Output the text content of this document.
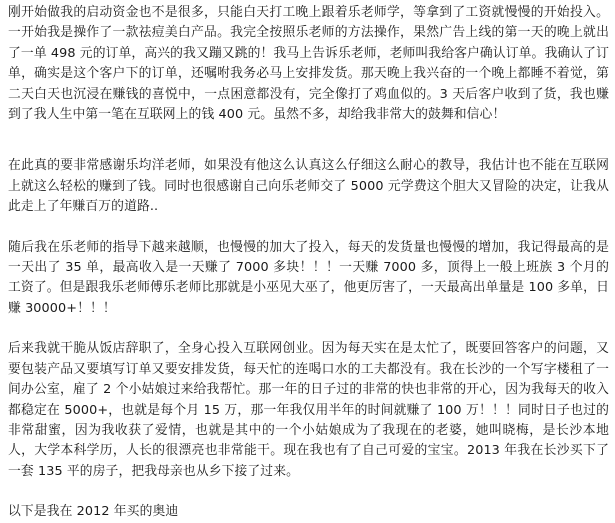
刚开始做我的启动资金也不是很多，只能白天打工晚上跟着乐老师学，等拿到了工资就慢慢的开始投入。一开始我是操作了一款祛痘美白产品。我完全按照乐老师的方法操作，果然广告上线的第一天的晚上就出了一单 498 元的订单，高兴的我又蹦又跳的！我马上告诉乐老师，老师叫我给客户确认订单。我确认了订单，确实是这个客户下的订单，还嘱咐我务必马上安排发货。那天晚上我兴奋的一个晚上都睡不着觉，第二天白天也沉浸在赚钱的喜悦中，一点困意都没有，完全像打了鸡血似的。3 天后客户收到了货，我也赚到了我人生中第一笔在互联网上的钱 400 元。虽然不多，却给我非常大的鼓舞和信心！

在此真的要非常感谢乐均洋老师，如果没有他这么认真这么仔细这么耐心的教导，我估计也不能在互联网上就这么轻松的赚到了钱。同时也很感谢自己向乐老师交了 5000 元学费这个胆大又冒险的决定，让我从此走上了年赚百万的道路..

随后我在乐老师的指导下越来越顺，也慢慢的加大了投入，每天的发货量也慢慢的增加，我记得最高的是一天出了 35 单，最高收入是一天赚了 7000 多块！！！一天赚 7000 多，顶得上一般上班族 3 个月的工资了。但是跟我乐老师傅乐老师比那就是小巫见大巫了，他更厉害了，一天最高出单量是 100 多单，日赚 30000+！！！

后来我就干脆从饭店辞职了，全身心投入互联网创业。因为每天实在是太忙了，既要回答客户的问题，又要包装产品又要填写订单又要安排发货，每天忙的连喝口水的工夫都没有。我在长沙的一个写字楼租了一间办公室，雇了 2 个小姑娘过来给我帮忙。那一年的日子过的非常的快也非常的开心，因为我每天的收入都稳定在 5000+，也就是每个月 15 万，那一年我仅用半年的时间就赚了 100 万！！！同时日子也过的非常甜蜜，因为我收获了爱情，也就是其中的一个小姑娘成为了我现在的老婆，她叫晓梅，是长沙本地人，大学本科学历，人长的很漂亮也非常能干。现在我也有了自己可爱的宝宝。2013 年我在长沙买下了一套 135 平的房子，把我母亲也从乡下接了过来。

以下是我在 2012 年买的奥迪
